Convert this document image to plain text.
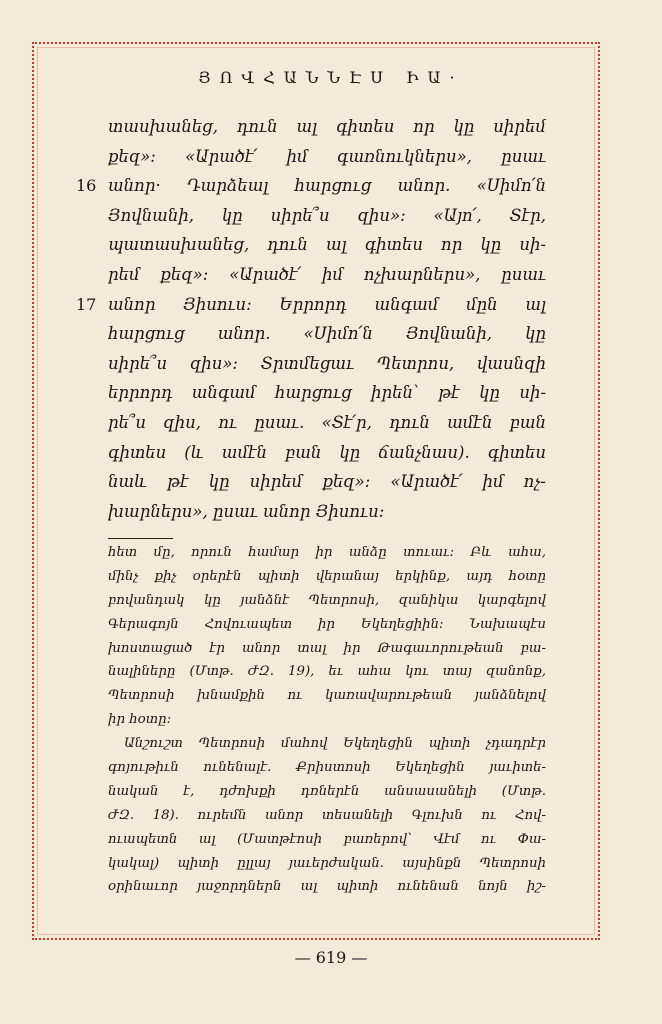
ՅՈՎՀԱՆՆԷՍ ԻԱ·
տասխանեց, դուն ալ գիտես որ կը սիրեմ
քեզ»: «Արածէ՛ իմ գառնուկներս», ըսաւ
անոր· Դարձեալ հարցուց անոր. «Սիմո՛ն
Յովնանի, կը սիրե՞ս զիս»: «Այո՛, Տէր,
պատասխանեց, դուն ալ գիտես որ կը սի-
րեմ քեզ»: «Արածէ՛ իմ ոչխարներս», ըսաւ
անոր Յիսուս: Երրորդ անգամ մըն ալ
հարցուց անոր. «Սիմո՛ն Յովնանի, կը
սիրե՞ս զիս»: Տրտմեցաւ Պետրոս, վասնզի
երրորդ անգամ հարցուց իրեն՝ թէ կը սի-
րե՞ս զիս, ու ըսաւ. «Տէ՛ր, դուն ամէն բան
գիտես (և ամէն բան կը ճանչնաս). գիտես
նաև թէ կը սիրեմ քեզ»: «Արածէ՛ իմ ոչ-
խարներս», ըսաւ անոր Յիսուս:
16
17
հետ մը, որուն համար իր անձը տուաւ: Բև ահա,
մինչ քիչ օրերէն պիտի վերանայ երկինք, այդ հօտը
բովանդակ կը յանձնէ Պետրոսի, զանիկա կարգելով
Գերագոյն Հովուապետ իր Եկեղեցիին: Նախապէս
խոստացած էր անոր տալ իր Թագաւորութեան բա-
նալիները (Մտթ. ԺԶ. 19), եւ ահա կու տայ զանոնք,
Պետրոսի խնամքին ու կառավարութեան յանձնելով
իր հօտը:
Անշուշտ Պետրոսի մահով Եկեղեցին պիտի չդադրէր
գոյութիւն ունենալէ. Քրիստոսի Եկեղեցին յաւիտե-
նական է, դժոխքի դռներէն անսասանելի (Մտթ.
ԺԶ. 18). ուրեմն անոր տեսանելի Գլուխն ու Հով-
ուապետն ալ (Մատթէոսի բառերով՝ Վէմ ու Փա-
կակալ) պիտի ըլլայ յաւերժական. այսինքն Պետրոսի
օրինաւոր յաջորդներն ալ պիտի ունենան նոյն իշ-
— 619 —
